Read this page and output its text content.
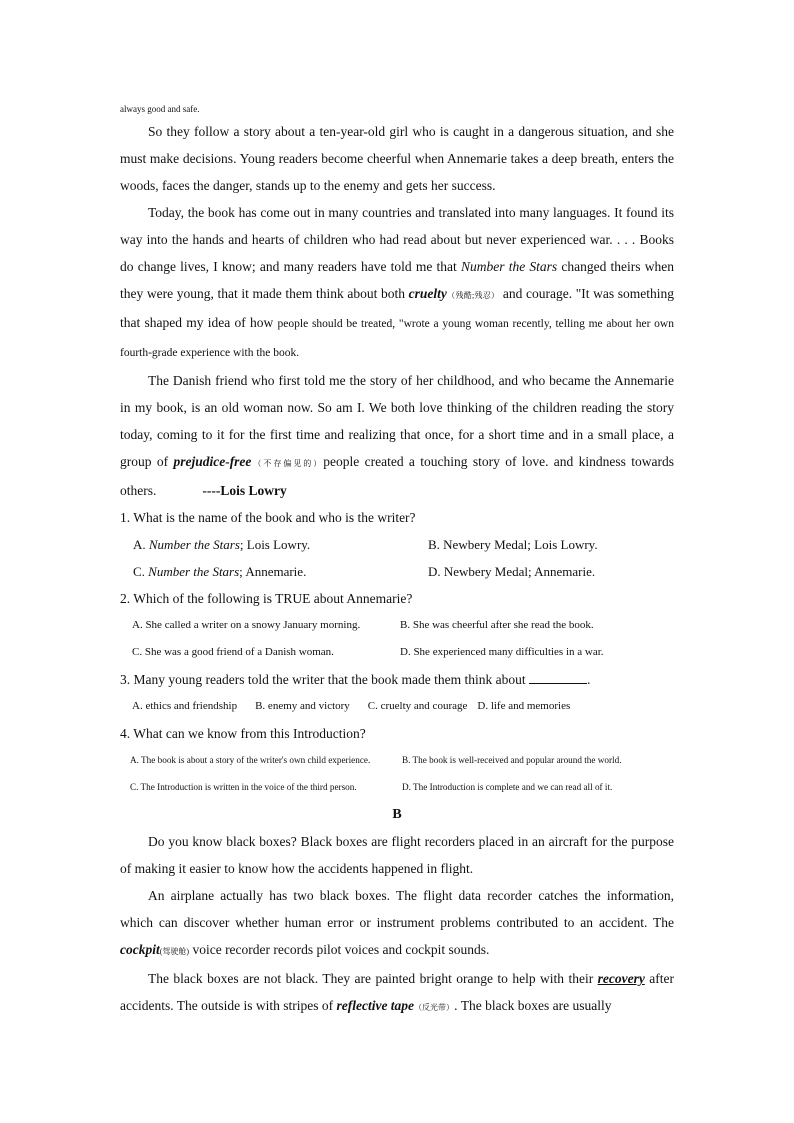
always good and safe.

So they follow a story about a ten-year-old girl who is caught in a dangerous situation, and she must make decisions. Young readers become cheerful when Annemarie takes a deep breath, enters the woods, faces the danger, stands up to the enemy and gets her success.

Today, the book has come out in many countries and translated into many languages. It found its way into the hands and hearts of children who had read about but never experienced war. . . . Books do change lives, I know; and many readers have told me that Number the Stars changed theirs when they were young, that it made them think about both cruelty（残酷;残忍） and courage. "It was something that shaped my idea of how people should be treated, "wrote a young woman recently, telling me about her own fourth-grade experience with the book.

The Danish friend who first told me the story of her childhood, and who became the Annemarie in my book, is an old woman now. So am I. We both love thinking of the children reading the story today, coming to it for the first time and realizing that once, for a short time and in a small place, a group of prejudice-free（不存偏见的）people created a touching story of love. and kindness towards others.	----Lois Lowry

1. What is the name of the book and who is the writer?

A. Number the Stars; Lois Lowry.	B. Newbery Medal; Lois Lowry.
C. Number the Stars; Annemarie.	D. Newbery Medal; Annemarie.

2. Which of the following is TRUE about Annemarie?

A. She called a writer on a snowy January morning.	B. She was cheerful after she read the book.
C. She was a good friend of a Danish woman.	D. She experienced many difficulties in a war.

3. Many young readers told the writer that the book made them think about	.

A. ethics and friendship B. enemy and victory C. cruelty and courage D. life and memories

4. What can we know from this Introduction?

A. The book is about a story of the writer's own child experience.	B. The book is well-received and popular around the world.
C. The Introduction is written in the voice of the third person.	D. The Introduction is complete and we can read all of it.
B

Do you know black boxes? Black boxes are flight recorders placed in an aircraft for the purpose of making it easier to know how the accidents happened in flight.

An airplane actually has two black boxes. The flight data recorder catches the information, which can discover whether human error or instrument problems contributed to an accident. The cockpit(驾驶舱) voice recorder records pilot voices and cockpit sounds.

The black boxes are not black. They are painted bright orange to help with their recovery after accidents. The outside is with stripes of reflective tape（反光带）. The black boxes are usually
